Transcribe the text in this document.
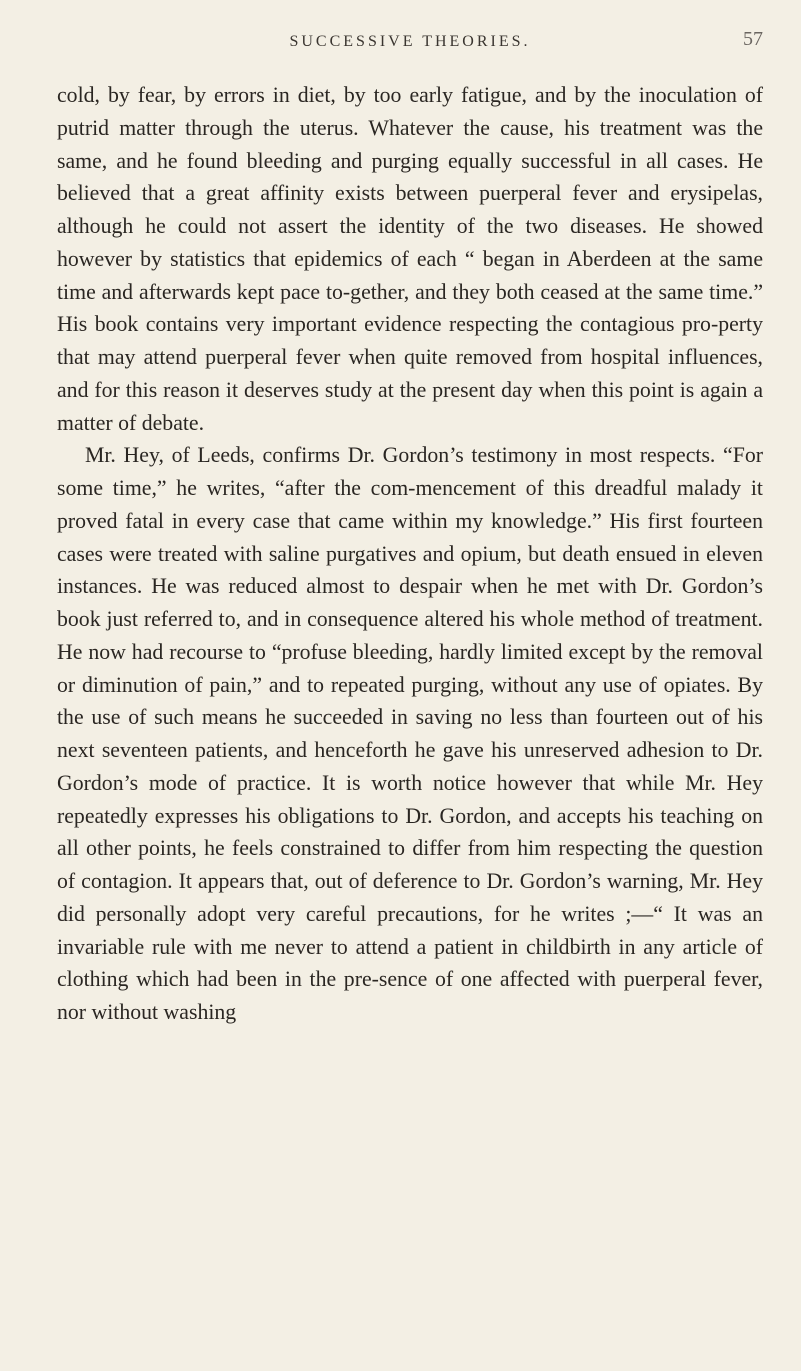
SUCCESSIVE THEORIES.	57

cold, by fear, by errors in diet, by too early fatigue, and by the inoculation of putrid matter through the uterus. Whatever the cause, his treatment was the same, and he found bleeding and purging equally successful in all cases. He believed that a great affinity exists between puerperal fever and erysipelas, although he could not assert the identity of the two diseases. He showed however by statistics that epidemics of each “ began in Aberdeen at the same time and afterwards kept pace to-gether, and they both ceased at the same time.” His book contains very important evidence respecting the contagious pro-perty that may attend puerperal fever when quite removed from hospital influences, and for this reason it deserves study at the present day when this point is again a matter of debate.

Mr. Hey, of Leeds, confirms Dr. Gordon’s testimony in most respects. “For some time,” he writes, “after the com-mencement of this dreadful malady it proved fatal in every case that came within my knowledge.” His first fourteen cases were treated with saline purgatives and opium, but death ensued in eleven instances. He was reduced almost to despair when he met with Dr. Gordon’s book just referred to, and in consequence altered his whole method of treatment. He now had recourse to “profuse bleeding, hardly limited except by the removal or diminution of pain,” and to repeated purging, without any use of opiates. By the use of such means he succeeded in saving no less than fourteen out of his next seventeen patients, and henceforth he gave his unreserved adhesion to Dr. Gordon’s mode of practice. It is worth notice however that while Mr. Hey repeatedly expresses his obligations to Dr. Gordon, and accepts his teaching on all other points, he feels constrained to differ from him respecting the question of contagion. It appears that, out of deference to Dr. Gordon’s warning, Mr. Hey did personally adopt very careful precautions, for he writes ;—“ It was an invariable rule with me never to attend a patient in childbirth in any article of clothing which had been in the pre-sence of one affected with puerperal fever, nor without washing
